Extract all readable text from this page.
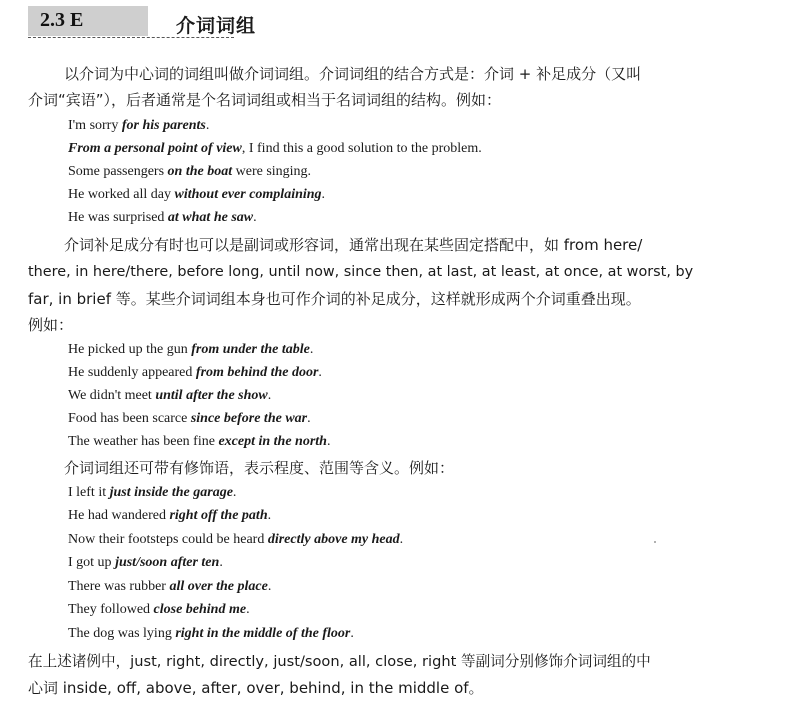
2.3 E	介词词组
以介词为中心词的词组叫做介词词组。介词词组的结合方式是：介词 + 补足成分（又叫
介词“宾语”），后者通常是个名词词组或相当于名词词组的结构。例如：
I'm sorry for his parents.
From a personal point of view, I find this a good solution to the problem.
Some passengers on the boat were singing.
He worked all day without ever complaining.
He was surprised at what he saw.
介词补足成分有时也可以是副词或形容词，通常出现在某些固定搭配中，如 from here/
there, in here/there, before long, until now, since then, at last, at least, at once, at worst, by
far, in brief 等。某些介词词组本身也可作介词的补足成分，这样就形成两个介词重叠出现。
例如：
He picked up the gun from under the table.
He suddenly appeared from behind the door.
We didn't meet until after the show.
Food has been scarce since before the war.
The weather has been fine except in the north.
介词词组还可带有修饰语，表示程度、范围等含义。例如：
I left it just inside the garage.
He had wandered right off the path.
Now their footsteps could be heard directly above my head.
I got up just/soon after ten.
There was rubber all over the place.
They followed close behind me.
The dog was lying right in the middle of the floor.
在上述诸例中，just, right, directly, just/soon, all, close, right 等副词分别修饰介词词组的中
心词 inside, off, above, after, over, behind, in the middle of。
